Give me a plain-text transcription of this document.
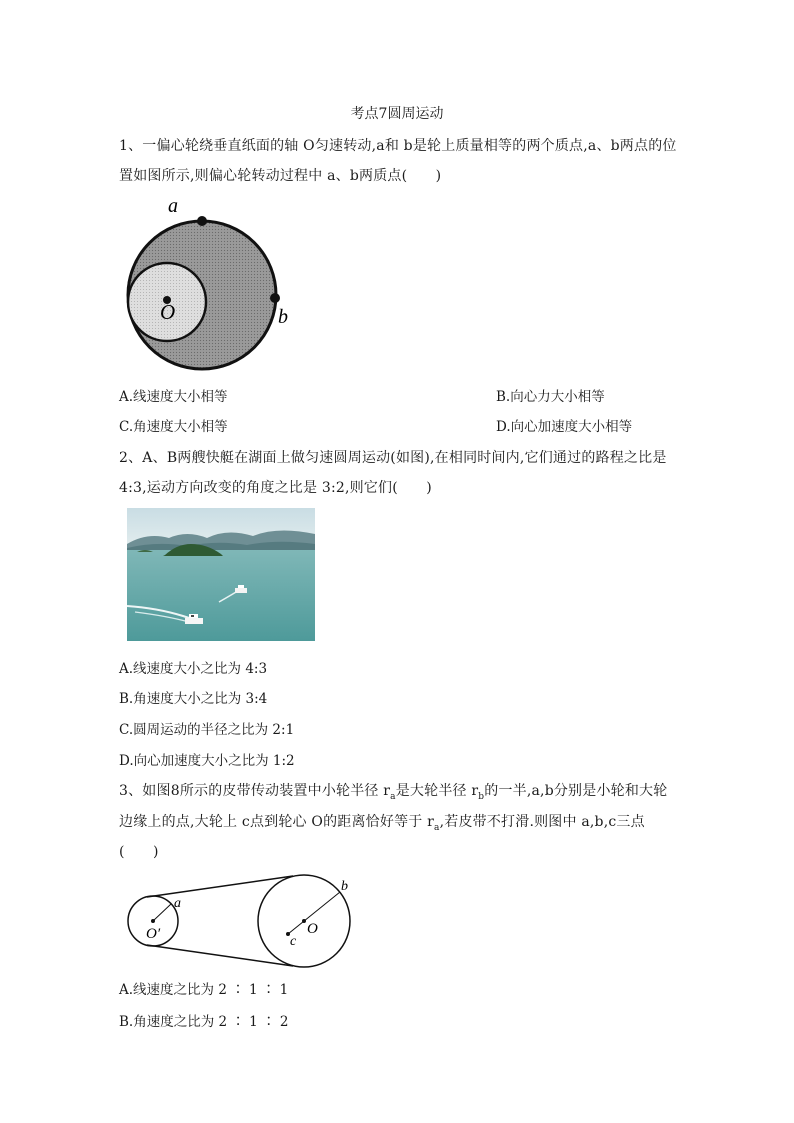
考点7圆周运动
1、一偏心轮绕垂直纸面的轴 O匀速转动,a和 b是轮上质量相等的两个质点,a、b两点的位
置如图所示,则偏心轮转动过程中 a、b两质点(　　)
a
b
O
A.线速度大小相等	B.向心力大小相等
C.角速度大小相等	D.向心加速度大小相等
2、A、B两艘快艇在湖面上做匀速圆周运动(如图),在相同时间内,它们通过的路程之比是
4:3,运动方向改变的角度之比是 3:2,则它们(　　)
A.线速度大小之比为 4:3
B.角速度大小之比为 3:4
C.圆周运动的半径之比为 2:1
D.向心加速度大小之比为 1:2
3、如图8所示的皮带传动装置中小轮半径 $r_a$是大轮半径 $r_b$的一半,a,b分别是小轮和大轮
边缘上的点,大轮上 c点到轮心 O的距离恰好等于 $r_a$,若皮带不打滑.则图中 a,b,c三点
(　　)
a
b
c
O
O′
A.线速度之比为 2 ∶ 1 ∶ 1
B.角速度之比为 2 ∶ 1 ∶ 2
